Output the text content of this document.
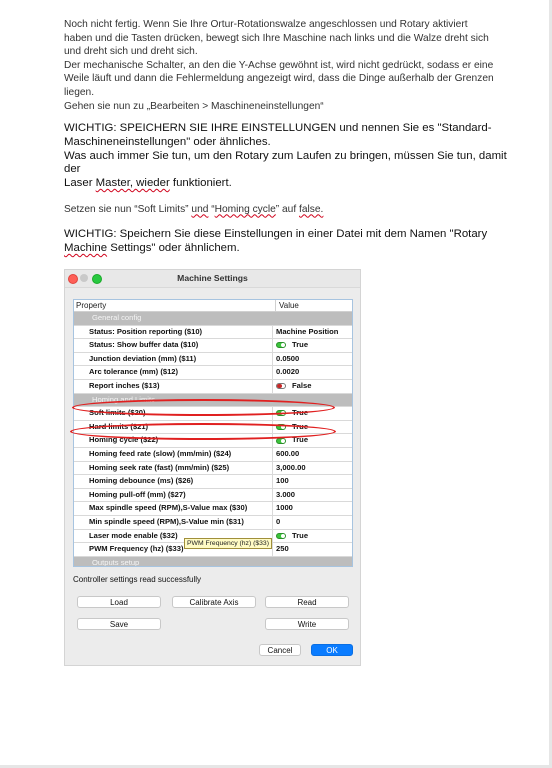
Noch nicht fertig. Wenn Sie Ihre Ortur-Rotationswalze angeschlossen und Rotary aktiviert
haben und die Tasten drücken, bewegt sich Ihre Maschine nach links und die Walze dreht sich
und dreht sich und dreht sich.
Der mechanische Schalter, an den die Y-Achse gewöhnt ist, wird nicht gedrückt, sodass er eine
Weile läuft und dann die Fehlermeldung angezeigt wird, dass die Dinge außerhalb der Grenzen
liegen.
Gehen sie nun zu „Bearbeiten > Maschineneinstellungen“
WICHTIG: SPEICHERN SIE IHRE EINSTELLUNGEN und nennen Sie es "Standard-
Maschineneinstellungen" oder ähnliches.
Was auch immer Sie tun, um den Rotary zum Laufen zu bringen, müssen Sie tun, damit der
Laser Master, wieder funktioniert.
Setzen sie nun “Soft Limits” und “Homing cycle” auf false.
WICHTIG: Speichern Sie diese Einstellungen in einer Datei mit dem Namen "Rotary
Machine Settings" oder ähnlichem.
Machine Settings
Property	Value
General config
Status: Position reporting ($10)	Machine Position
Status: Show buffer data ($10)	True
Junction deviation (mm) ($11)	0.0500
Arc tolerance (mm) ($12)	0.0020
Report inches ($13)	False
Homing and Limits
Soft limits ($20)	True
Hard limits ($21)	True
Homing cycle ($22)	True
Homing feed rate (slow) (mm/min) ($24)	600.00
Homing seek rate (fast) (mm/min) ($25)	3,000.00
Homing debounce (ms) ($26)	100
Homing pull-off (mm) ($27)	3.000
Max spindle speed (RPM),S-Value max ($30)	1000
Min spindle speed (RPM),S-Value min ($31)	0
Laser mode enable ($32)	True
PWM Frequency (hz) ($33)	250
Outputs setup
PWM Frequency (hz) ($33)
Controller settings read successfully
Load	Calibrate Axis	Read
Save	Write
Cancel	OK
